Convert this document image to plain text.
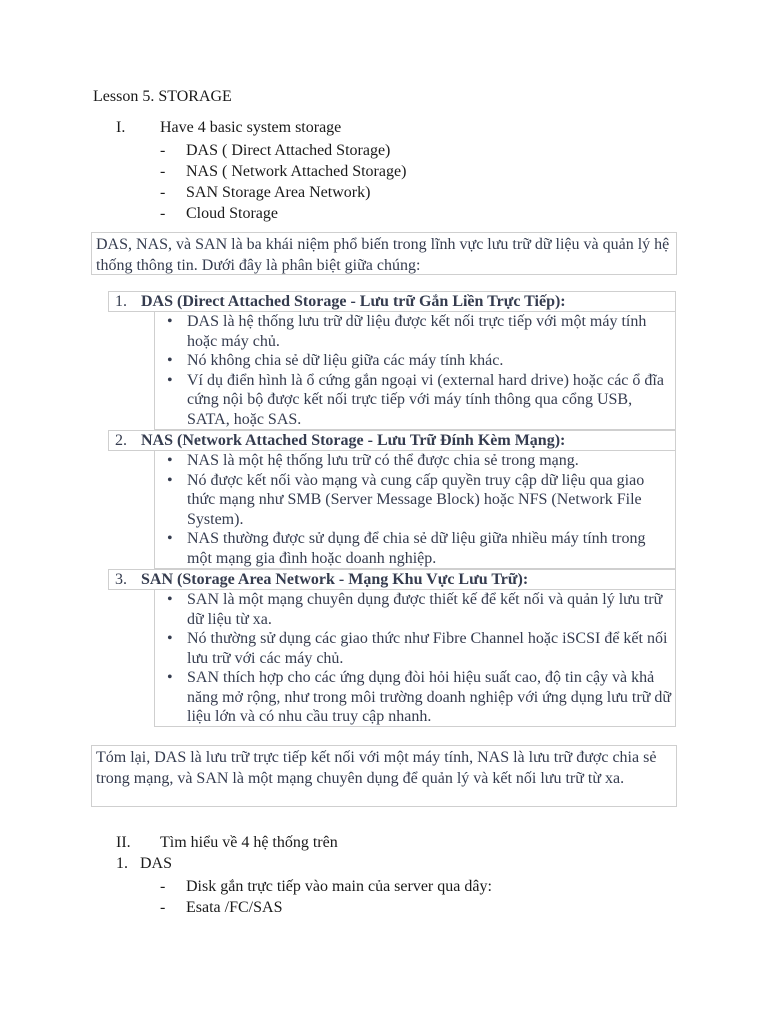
Lesson 5. STORAGE
I. Have 4 basic system storage
- DAS ( Direct Attached Storage)
- NAS ( Network Attached Storage)
- SAN Storage Area Network)
- Cloud Storage
DAS, NAS, và SAN là ba khái niệm phổ biến trong lĩnh vực lưu trữ dữ liệu và quản lý hệ thống thông tin. Dưới đây là phân biệt giữa chúng:
1. DAS (Direct Attached Storage - Lưu trữ Gắn Liền Trực Tiếp):
• DAS là hệ thống lưu trữ dữ liệu được kết nối trực tiếp với một máy tính hoặc máy chủ.
• Nó không chia sẻ dữ liệu giữa các máy tính khác.
• Ví dụ điển hình là ổ cứng gắn ngoại vi (external hard drive) hoặc các ổ đĩa cứng nội bộ được kết nối trực tiếp với máy tính thông qua cổng USB, SATA, hoặc SAS.
2. NAS (Network Attached Storage - Lưu Trữ Đính Kèm Mạng):
• NAS là một hệ thống lưu trữ có thể được chia sẻ trong mạng.
• Nó được kết nối vào mạng và cung cấp quyền truy cập dữ liệu qua giao thức mạng như SMB (Server Message Block) hoặc NFS (Network File System).
• NAS thường được sử dụng để chia sẻ dữ liệu giữa nhiều máy tính trong một mạng gia đình hoặc doanh nghiệp.
3. SAN (Storage Area Network - Mạng Khu Vực Lưu Trữ):
• SAN là một mạng chuyên dụng được thiết kế để kết nối và quản lý lưu trữ dữ liệu từ xa.
• Nó thường sử dụng các giao thức như Fibre Channel hoặc iSCSI để kết nối lưu trữ với các máy chủ.
• SAN thích hợp cho các ứng dụng đòi hỏi hiệu suất cao, độ tin cậy và khả năng mở rộng, như trong môi trường doanh nghiệp với ứng dụng lưu trữ dữ liệu lớn và có nhu cầu truy cập nhanh.
Tóm lại, DAS là lưu trữ trực tiếp kết nối với một máy tính, NAS là lưu trữ được chia sẻ trong mạng, và SAN là một mạng chuyên dụng để quản lý và kết nối lưu trữ từ xa.
II. Tìm hiểu về 4 hệ thống trên
1. DAS
- Disk gắn trực tiếp vào main của server qua dây:
- Esata /FC/SAS
